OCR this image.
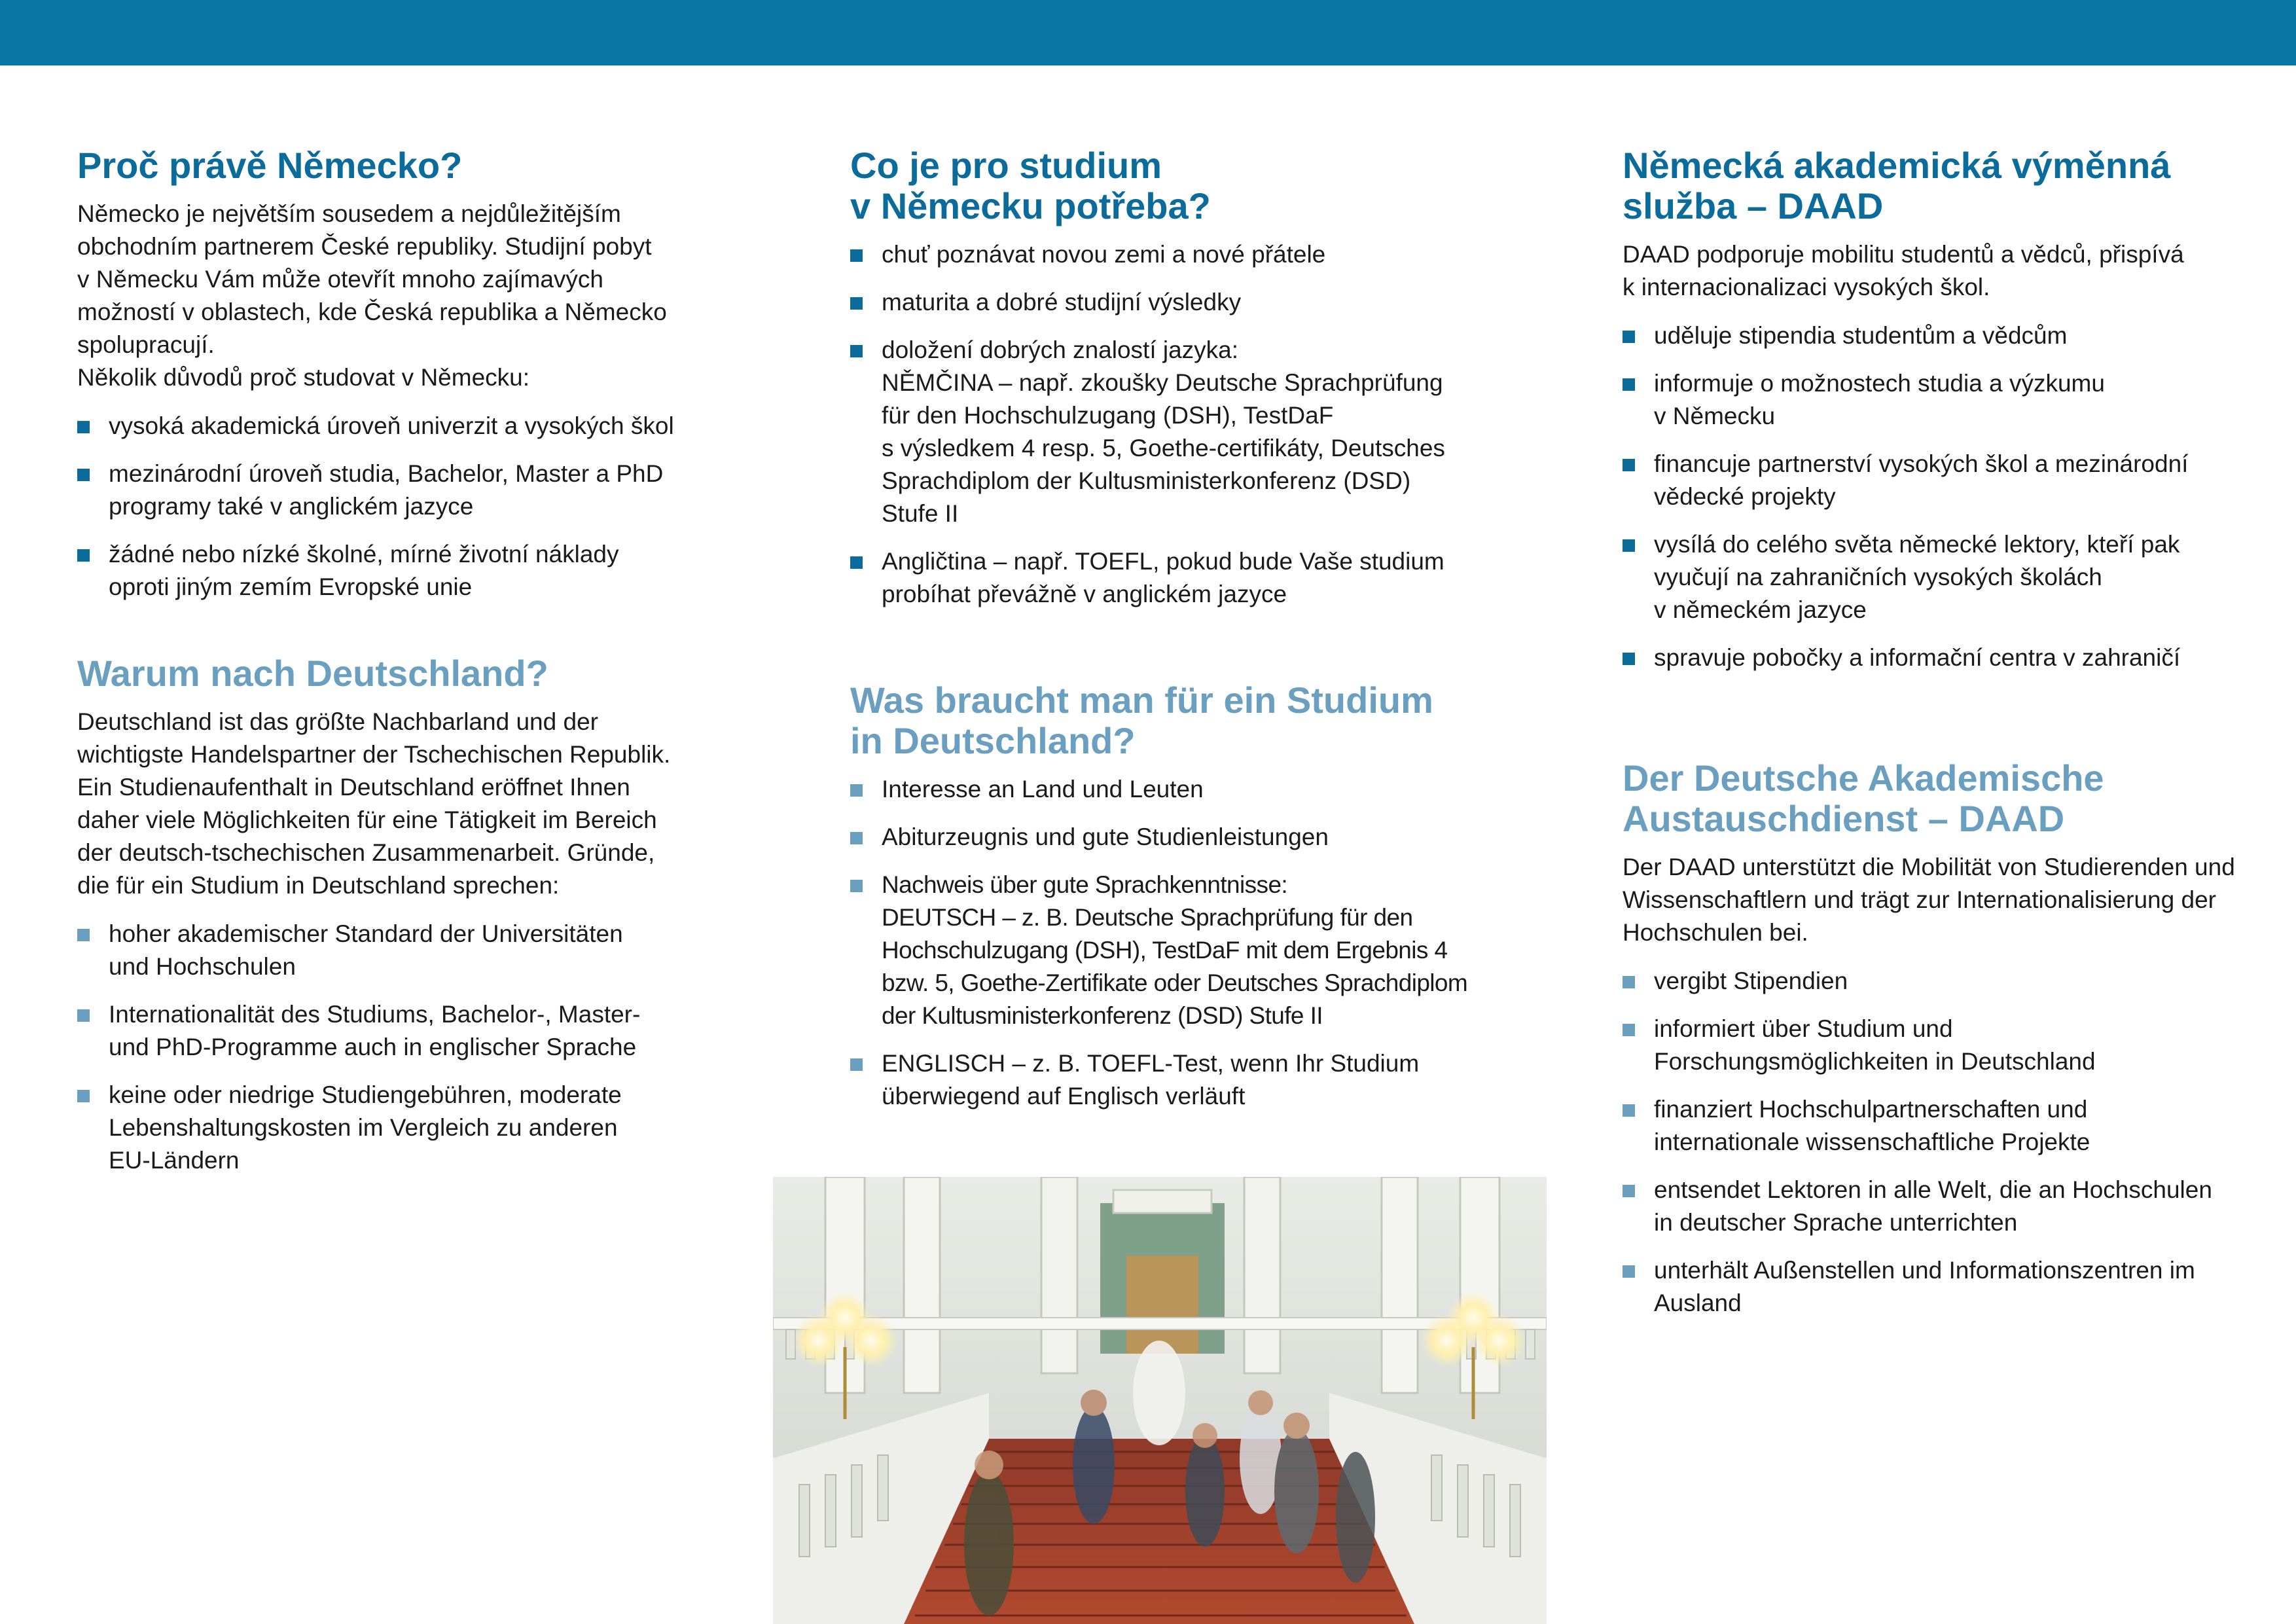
Proč právě Německo?

Německo je největším sousedem a nejdůležitějším
obchodním partnerem České republiky. Studijní pobyt
v Německu Vám může otevřít mnoho zajímavých
možností v oblastech, kde Česká republika a Německo
spolupracují.
Několik důvodů proč studovat v Německu:

vysoká akademická úroveň univerzit a vysokých škol
mezinárodní úroveň studia, Bachelor, Master a PhD
programy také v anglickém jazyce
žádné nebo nízké školné, mírné životní náklady
oproti jiným zemím Evropské unie
Warum nach Deutschland?

Deutschland ist das größte Nachbarland und der
wichtigste Handelspartner der Tschechischen Republik.
Ein Studienaufenthalt in Deutschland eröffnet Ihnen
daher viele Möglichkeiten für eine Tätigkeit im Bereich
der deutsch-tschechischen Zusammenarbeit. Gründe,
die für ein Studium in Deutschland sprechen:

hoher akademischer Standard der Universitäten
und Hochschulen
Internationalität des Studiums, Bachelor-, Master-
und PhD-Programme auch in englischer Sprache
keine oder niedrige Studiengebühren, moderate
Lebenshaltungskosten im Vergleich zu anderen
EU-Ländern
Co je pro studium
v Německu potřeba?
chuť poznávat novou zemi a nové přátele
maturita a dobré studijní výsledky
doložení dobrých znalostí jazyka:
NĚMČINA – např. zkoušky Deutsche Sprachprüfung
für den Hochschulzugang (DSH), TestDaF
s výsledkem 4 resp. 5, Goethe-certifikáty, Deutsches
Sprachdiplom der Kultusministerkonferenz (DSD)
Stufe II
Angličtina – např. TOEFL, pokud bude Vaše studium
probíhat převážně v anglickém jazyce
Was braucht man für ein Studium
in Deutschland?
Interesse an Land und Leuten
Abiturzeugnis und gute Studienleistungen
Nachweis über gute Sprachkenntnisse:
DEUTSCH – z. B. Deutsche Sprachprüfung für den
Hochschulzugang (DSH), TestDaF mit dem Ergebnis 4
bzw. 5, Goethe-Zertifikate oder Deutsches Sprachdiplom
der Kultusministerkonferenz (DSD) Stufe II
ENGLISCH – z. B. TOEFL-Test, wenn Ihr Studium
überwiegend auf Englisch verläuft
Německá akademická výměnná
služba – DAAD

DAAD podporuje mobilitu studentů a vědců, přispívá
k internacionalizaci vysokých škol.

uděluje stipendia studentům a vědcům
informuje o možnostech studia a výzkumu
v Německu
financuje partnerství vysokých škol a mezinárodní
vědecké projekty
vysílá do celého světa německé lektory, kteří pak
vyučují na zahraničních vysokých školách
v německém jazyce
spravuje pobočky a informační centra v zahraničí
Der Deutsche Akademische
Austauschdienst – DAAD

Der DAAD unterstützt die Mobilität von Studierenden und
Wissenschaftlern und trägt zur Internationalisierung der
Hochschulen bei.

vergibt Stipendien
informiert über Studium und
Forschungsmöglichkeiten in Deutschland
finanziert Hochschulpartnerschaften und
internationale wissenschaftliche Projekte
entsendet Lektoren in alle Welt, die an Hochschulen
in deutscher Sprache unterrichten
unterhält Außenstellen und Informationszentren im
Ausland
